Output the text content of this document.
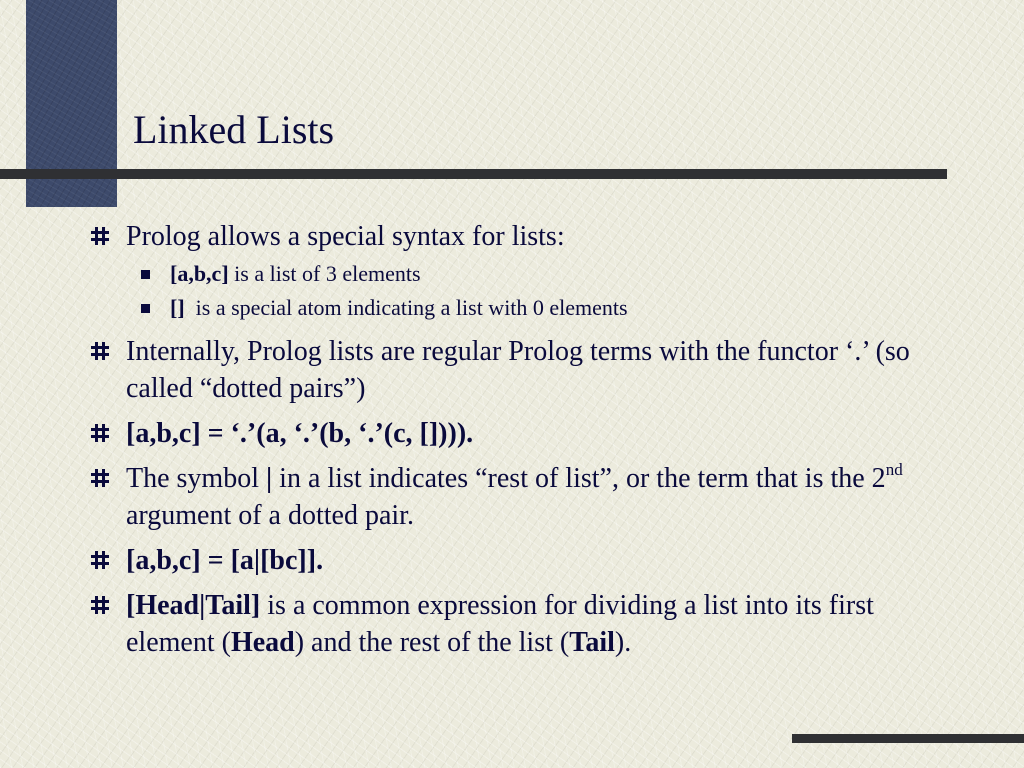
Linked Lists
Prolog allows a special syntax for lists:
[a,b,c] is a list of 3 elements
[]  is a special atom indicating a list with 0 elements
Internally, Prolog lists are regular Prolog terms with the functor ‘.’ (so called “dotted pairs”)
[a,b,c] = ‘.’(a, ‘.’(b, ‘.’(c, []))).
The symbol | in a list indicates “rest of list”, or the term that is the 2nd argument of a dotted pair.
[a,b,c] = [a|[bc]].
[Head|Tail] is a common expression for dividing a list into its first element (Head) and the rest of the list (Tail).
